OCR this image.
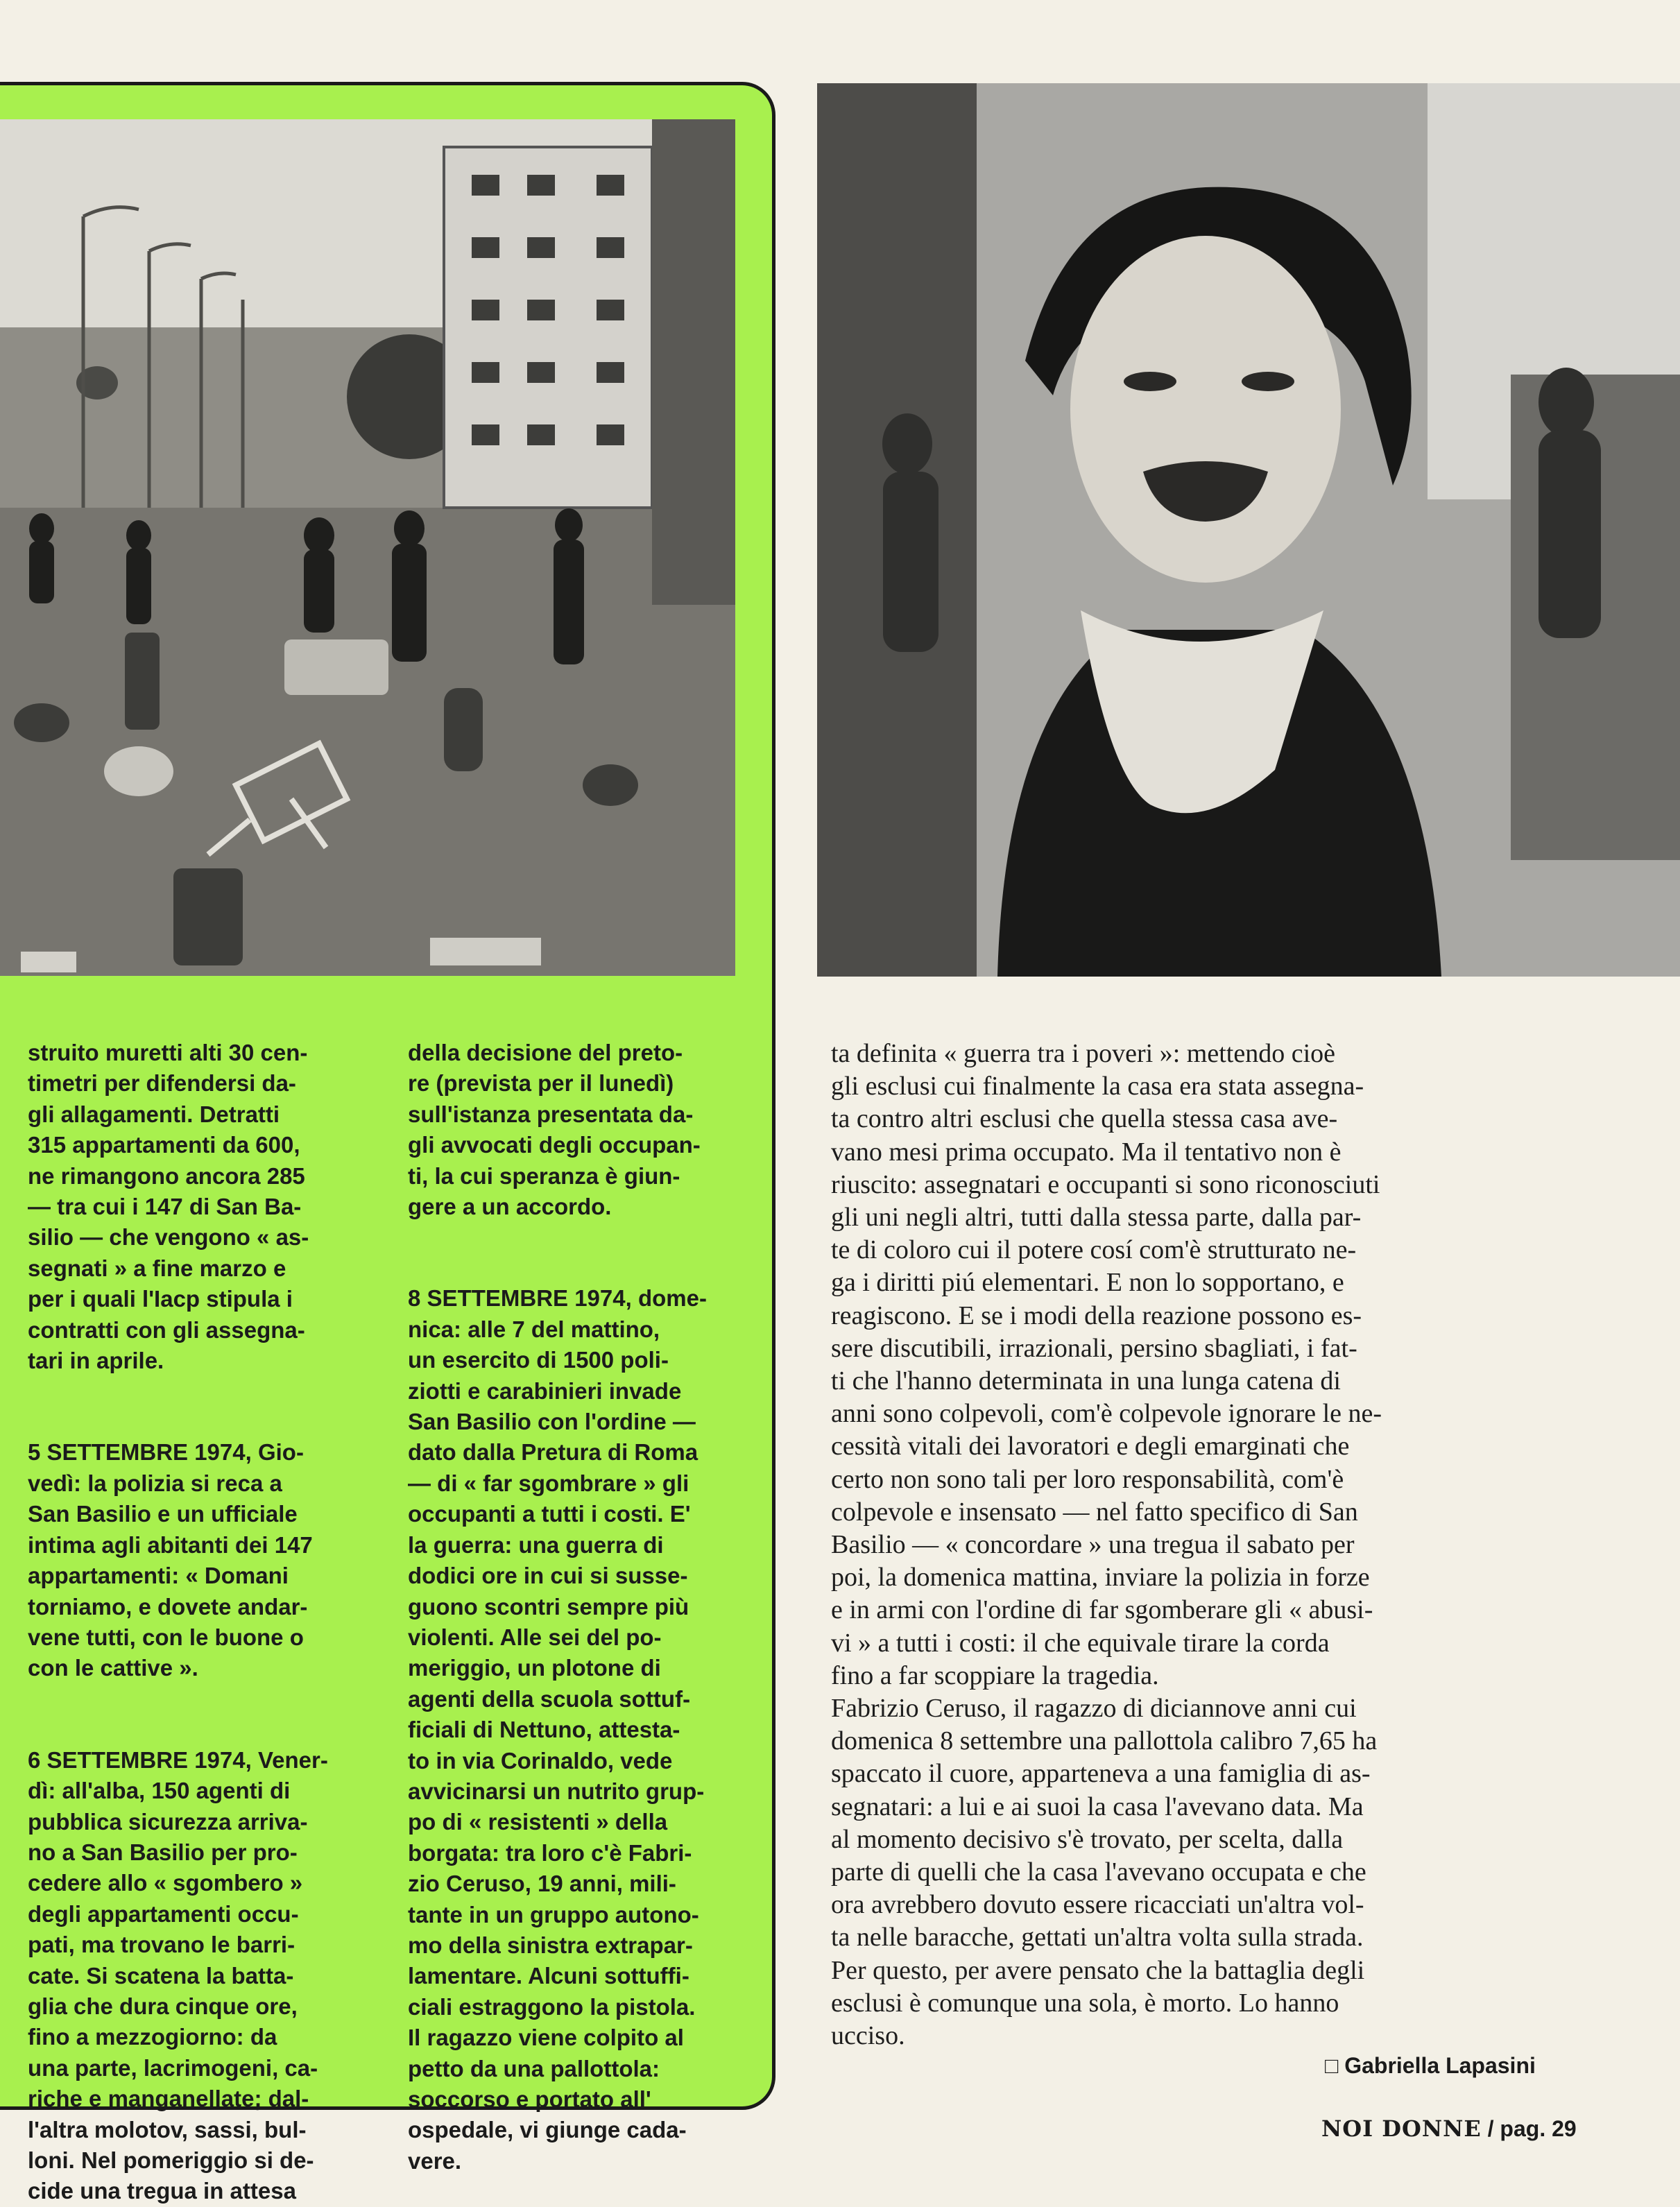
struito muretti alti 30 cen-
timetri per difendersi da-
gli allagamenti. Detratti
315 appartamenti da 600,
ne rimangono ancora 285
— tra cui i 147 di San Ba-
silio — che vengono « as-
segnati » a fine marzo e
per i quali l'Iacp stipula i
contratti con gli assegna-
tari in aprile.

5 SETTEMBRE 1974, Gio-
vedì: la polizia si reca a
San Basilio e un ufficiale
intima agli abitanti dei 147
appartamenti: « Domani
torniamo, e dovete andar-
vene tutti, con le buone o
con le cattive ».

6 SETTEMBRE 1974, Vener-
dì: all'alba, 150 agenti di
pubblica sicurezza arriva-
no a San Basilio per pro-
cedere allo « sgombero »
degli appartamenti occu-
pati, ma trovano le barri-
cate. Si scatena la batta-
glia che dura cinque ore,
fino a mezzogiorno: da
una parte, lacrimogeni, ca-
riche e manganellate; dal-
l'altra molotov, sassi, bul-
loni. Nel pomeriggio si de-
cide una tregua in attesa

della decisione del preto-
re (prevista per il lunedì)
sull'istanza presentata da-
gli avvocati degli occupan-
ti, la cui speranza è giun-
gere a un accordo.

8 SETTEMBRE 1974, dome-
nica: alle 7 del mattino,
un esercito di 1500 poli-
ziotti e carabinieri invade
San Basilio con l'ordine —
dato dalla Pretura di Roma
— di « far sgombrare » gli
occupanti a tutti i costi. E'
la guerra: una guerra di
dodici ore in cui si susse-
guono scontri sempre più
violenti. Alle sei del po-
meriggio, un plotone di
agenti della scuola sottuf-
ficiali di Nettuno, attesta-
to in via Corinaldo, vede
avvicinarsi un nutrito grup-
po di « resistenti » della
borgata: tra loro c'è Fabri-
zio Ceruso, 19 anni, mili-
tante in un gruppo autono-
mo della sinistra extrapar-
lamentare. Alcuni sottuffi-
ciali estraggono la pistola.
Il ragazzo viene colpito al
petto da una pallottola:
soccorso e portato all'
ospedale, vi giunge cada-
vere.

ta definita « guerra tra i poveri »: mettendo cioè
gli esclusi cui finalmente la casa era stata assegna-
ta contro altri esclusi che quella stessa casa ave-
vano mesi prima occupato. Ma il tentativo non è
riuscito: assegnatari e occupanti si sono riconosciuti
gli uni negli altri, tutti dalla stessa parte, dalla par-
te di coloro cui il potere cosí com'è strutturato ne-
ga i diritti piú elementari. E non lo sopportano, e
reagiscono. E se i modi della reazione possono es-
sere discutibili, irrazionali, persino sbagliati, i fat-
ti che l'hanno determinata in una lunga catena di
anni sono colpevoli, com'è colpevole ignorare le ne-
cessità vitali dei lavoratori e degli emarginati che
certo non sono tali per loro responsabilità, com'è
colpevole e insensato — nel fatto specifico di San
Basilio — « concordare » una tregua il sabato per
poi, la domenica mattina, inviare la polizia in forze
e in armi con l'ordine di far sgomberare gli « abusi-
vi » a tutti i costi: il che equivale tirare la corda
fino a far scoppiare la tragedia.

Fabrizio Ceruso, il ragazzo di diciannove anni cui
domenica 8 settembre una pallottola calibro 7,65 ha
spaccato il cuore, apparteneva a una famiglia di as-
segnatari: a lui e ai suoi la casa l'avevano data. Ma
al momento decisivo s'è trovato, per scelta, dalla
parte di quelli che la casa l'avevano occupata e che
ora avrebbero dovuto essere ricacciati un'altra vol-
ta nelle baracche, gettati un'altra volta sulla strada.
Per questo, per avere pensato che la battaglia degli
esclusi è comunque una sola, è morto. Lo hanno
ucciso.

□ Gabriella Lapasini
NOI DONNE / pag. 29
